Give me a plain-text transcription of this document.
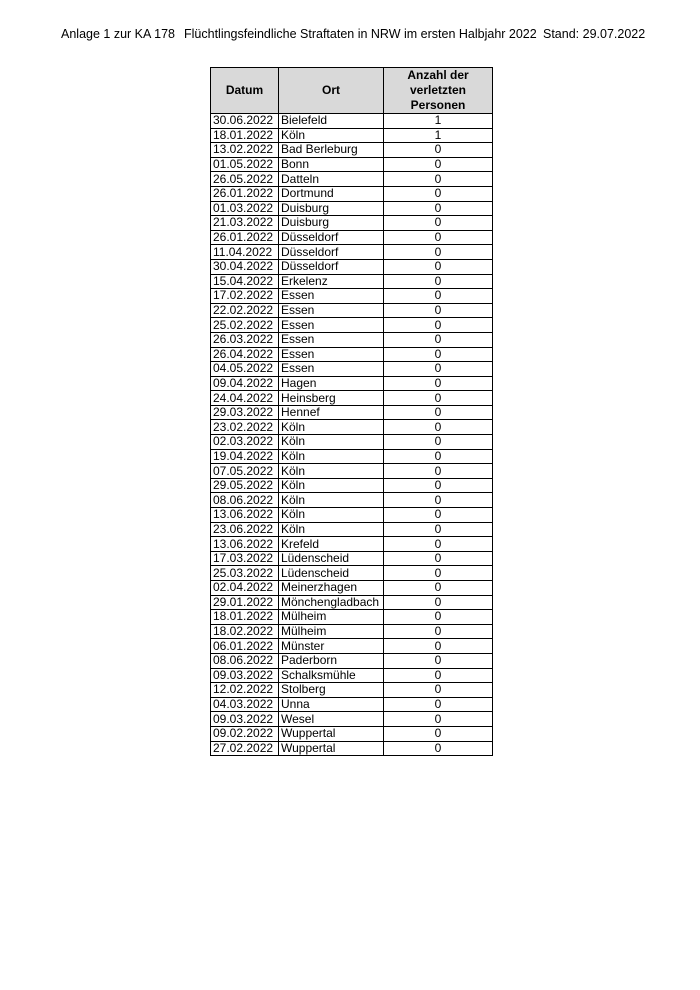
Anlage 1 zur KA 178 Flüchtlingsfeindliche Straftaten in NRW im ersten Halbjahr 2022 Stand: 29.07.2022
Datum	Ort	Anzahl der verletzten Personen
30.06.2022	Bielefeld	1
18.01.2022	Köln	1
13.02.2022	Bad Berleburg	0
01.05.2022	Bonn	0
26.05.2022	Datteln	0
26.01.2022	Dortmund	0
01.03.2022	Duisburg	0
21.03.2022	Duisburg	0
26.01.2022	Düsseldorf	0
11.04.2022	Düsseldorf	0
30.04.2022	Düsseldorf	0
15.04.2022	Erkelenz	0
17.02.2022	Essen	0
22.02.2022	Essen	0
25.02.2022	Essen	0
26.03.2022	Essen	0
26.04.2022	Essen	0
04.05.2022	Essen	0
09.04.2022	Hagen	0
24.04.2022	Heinsberg	0
29.03.2022	Hennef	0
23.02.2022	Köln	0
02.03.2022	Köln	0
19.04.2022	Köln	0
07.05.2022	Köln	0
29.05.2022	Köln	0
08.06.2022	Köln	0
13.06.2022	Köln	0
23.06.2022	Köln	0
13.06.2022	Krefeld	0
17.03.2022	Lüdenscheid	0
25.03.2022	Lüdenscheid	0
02.04.2022	Meinerzhagen	0
29.01.2022	Mönchengladbach	0
18.01.2022	Mülheim	0
18.02.2022	Mülheim	0
06.01.2022	Münster	0
08.06.2022	Paderborn	0
09.03.2022	Schalksmühle	0
12.02.2022	Stolberg	0
04.03.2022	Unna	0
09.03.2022	Wesel	0
09.02.2022	Wuppertal	0
27.02.2022	Wuppertal	0
